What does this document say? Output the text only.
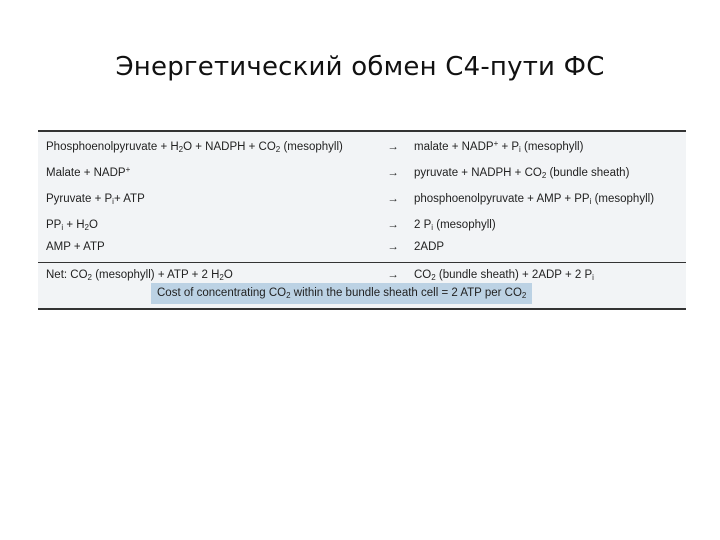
Энергетический обмен С4-пути ФС
Phosphoenolpyruvate + $H_2O$ + NADPH + $CO_2$ (mesophyll)	→ malate + NADP+ + $P_i$ (mesophyll)
Malate + NADP+	→ pyruvate + NADPH + $CO_2$ (bundle sheath)
Pyruvate + $P_i+$ ATP	→ phosphoenolpyruvate + AMP + $PP_i$ (mesophyll)
$PP_i + H_2O$	→ 2 $P_i$ (mesophyll)
AMP + ATP	→ 2ADP
Net: $CO_2$ (mesophyll) + ATP + 2 $H_2O$	→ $CO_2$ (bundle sheath) + 2ADP + 2 $P_i$
Cost of concentrating $CO_2$ within the bundle sheath cell = 2 ATP per $CO_2$
